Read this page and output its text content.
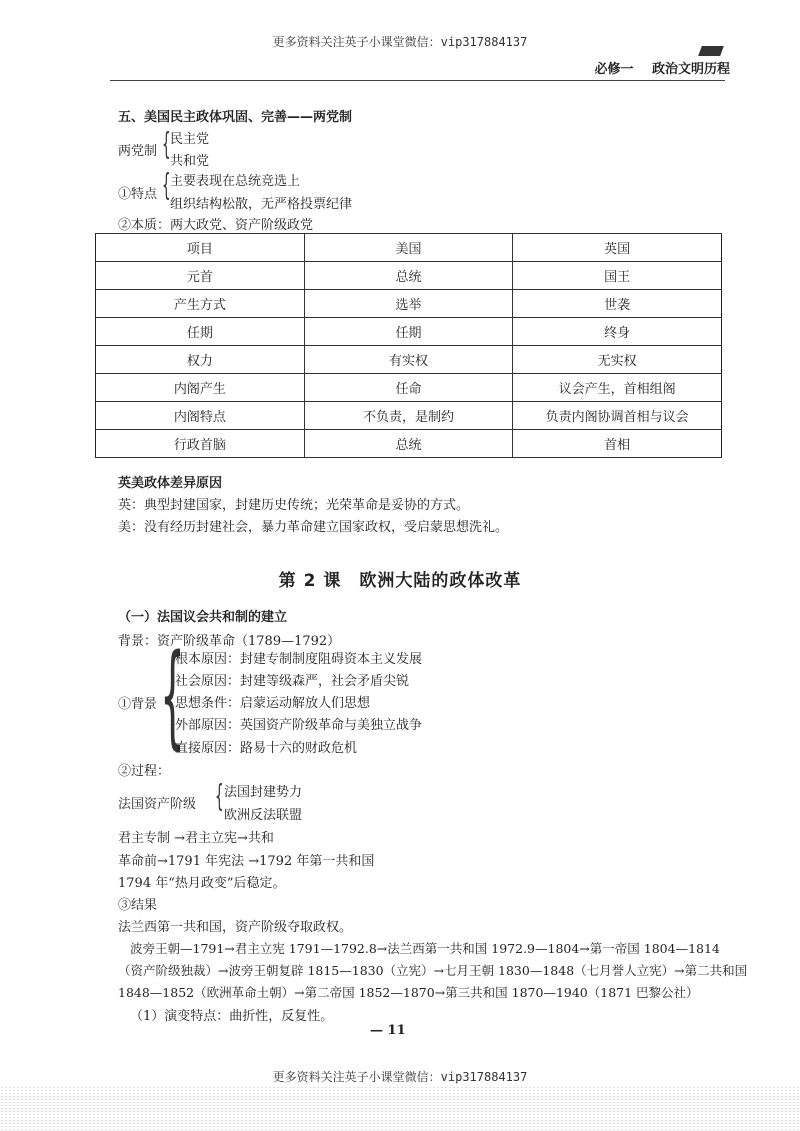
更多资料关注英子小课堂微信：vip317884137
必修一 政治文明历程
五、美国民主政体巩固、完善——两党制
两党制 { 民主党
共和党
①特点 { 主要表现在总统竞选上
组织结构松散，无严格投票纪律
②本质：两大政党、资产阶级政党
项目	美国	英国
元首	总统	国王
产生方式	选举	世袭
任期	任期	终身
权力	有实权	无实权
内阁产生	任命	议会产生，首相组阁
内阁特点	不负责，是制约	负责内阁协调首相与议会
行政首脑	总统	首相
英美政体差异原因
英：典型封建国家，封建历史传统；光荣革命是妥协的方式。
美：没有经历封建社会，暴力革命建立国家政权，受启蒙思想洗礼。
第 2 课　欧洲大陆的政体改革
（一）法国议会共和制的建立
背景：资产阶级革命（1789—1792）
①背景 {
根本原因：封建专制制度阻碍资本主义发展
社会原因：封建等级森严，社会矛盾尖锐
思想条件：启蒙运动解放人们思想
外部原因：英国资产阶级革命与美独立战争
直接原因：路易十六的财政危机
②过程：
法国资产阶级 { 法国封建势力
欧洲反法联盟
君主专制 →君主立宪→共和
革命前→1791 年宪法 →1792 年第一共和国
1794 年“热月政变”后稳定。
③结果
法兰西第一共和国，资产阶级夺取政权。
波旁王朝—1791→君主立宪 1791—1792.8→法兰西第一共和国 1972.9—1804→第一帝国 1804—1814
（资产阶级独裁）→波旁王朝复辟 1815—1830（立宪）→七月王朝 1830—1848（七月誉人立宪）→第二共和国
1848—1852（欧洲革命土朝）→第二帝国 1852—1870→第三共和国 1870—1940（1871 巴黎公社）
（1）演变特点：曲折性，反复性。
— 11
更多资料关注英子小课堂微信：vip317884137
